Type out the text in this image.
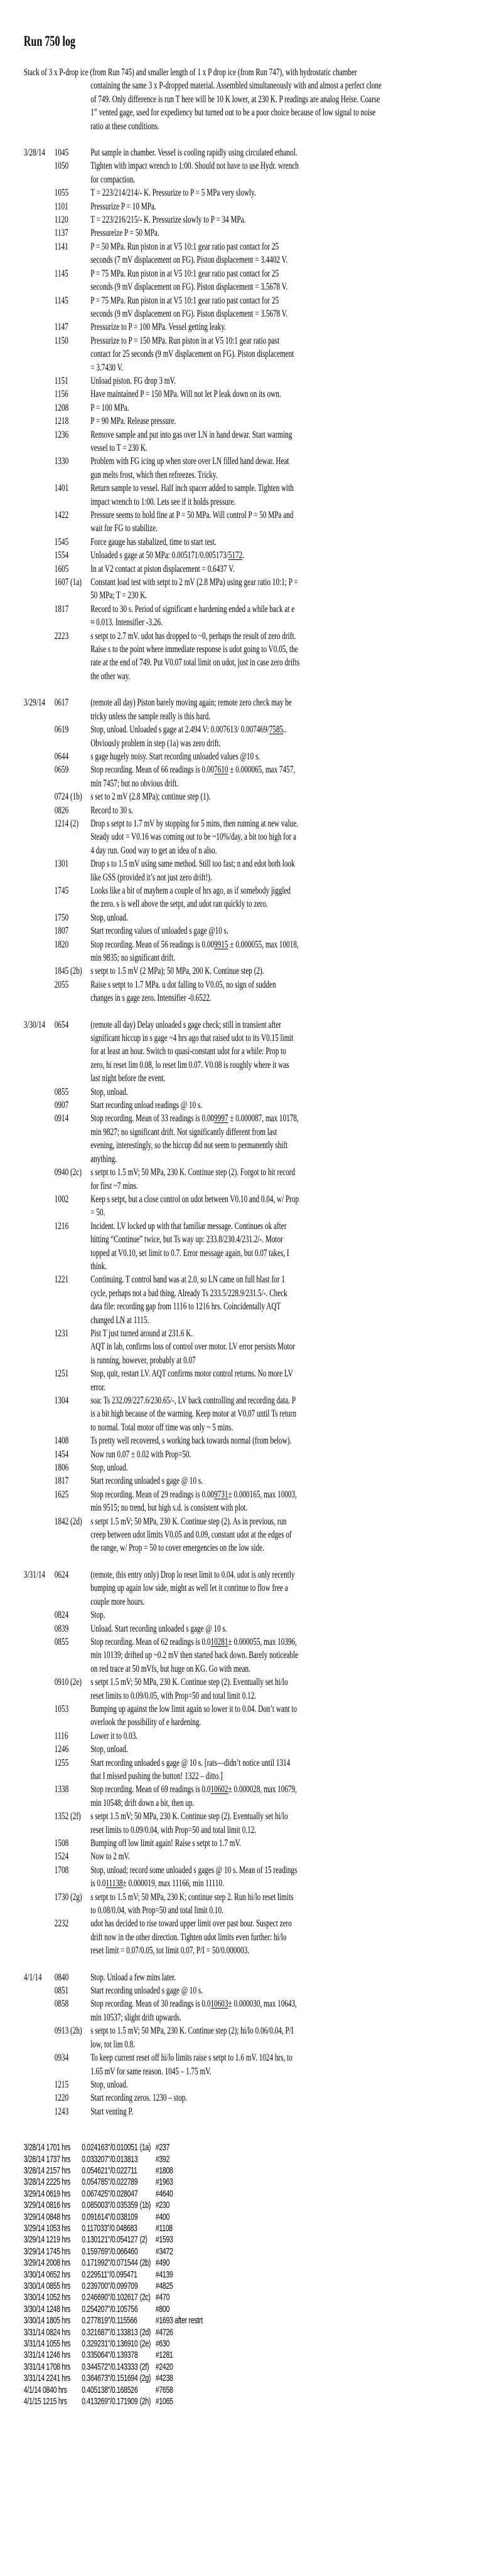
Run 750 log

Stack of 3 x P-drop ice (from Run 745) and smaller length of 1 x P drop ice (from Run 747), with hydrostatic chamber containing the same 3 x P-dropped material. Assembled simultaneously with and almost a perfect clone of 749. Only difference is run T here will be 10 K lower, at 230 K. P readings are analog Heise. Coarse 1” vented gage, used for expediency but turned out to be a poor choice because of low signal to noise ratio at these conditions.

3/28/14 1045	Put sample in chamber. Vessel is cooling rapidly using circulated ethanol.
1050	Tighten with impact wrench to 1:00. Should not have to use Hydr. wrench for compaction.
1055	T = 223/214/214/- K. Pressurize to P = 5 MPa very slowly.
1101	Pressurize P = 10 MPa.
1120	T = 223/216/215/- K. Pressurize slowly to P = 34 MPa.
1137	Pressureize P = 50 MPa.
1141	P = 50 MPa. Run piston in at V5 10:1 gear ratio past contact for 25 seconds (7 mV displacement on FG). Piston displacement = 3.4402 V.
1145	P = 75 MPa. Run piston in at V5 10:1 gear ratio past contact for 25 seconds (9 mV displacement on FG). Piston displacement = 3.5678 V.
1145	P = 75 MPa. Run piston in at V5 10:1 gear ratio past contact for 25 seconds (9 mV displacement on FG). Piston displacement = 3.5678 V.
1147	Pressurize to P = 100 MPa. Vessel getting leaky.
1150	Pressurize to P = 150 MPa. Run piston in at V5 10:1 gear ratio past contact for 25 seconds (9 mV displacement on FG). Piston displacement = 3.7430 V.
1151	Unload piston. FG drop 3 mV.
1156	Have maintained P = 150 MPa. Will not let P leak down on its own.
1208	P = 100 MPa.
1218	P = 90 MPa. Release pressure.
1236	Remove sample and put into gas over LN in hand dewar. Start warming vessel to T = 230 K.
1330	Problem with FG icing up when store over LN filled hand dewar. Heat gun melts frost, which then refreezes. Tricky.
1401	Return sample to vessel. Half inch spacer added to sample. Tighten with impact wrench to 1:00. Lets see if it holds pressure.
1422	Pressure seems to hold fine at P = 50 MPa. Will control P = 50 MPa and wait for FG to stabilize.
1545	Force gauge has stabalized, time to start test.
1554	Unloaded s gage at 50 MPa: 0.005171/0.005173/5172.
1605	In at V2 contact at piston displacement = 0.6437 V.
1607 (1a) Constant load test with setpt to 2 mV (2.8 MPa) using gear ratio 10:1; P = 50 MPa; T = 230 K.
1817	Record to 30 s. Period of significant e hardening ended a while back at e ≈ 0.013. Intensifier -3.26.
2223	s setpt to 2.7 mV. udot has dropped to ~0, perhaps the result of zero drift. Raise s to the point where immediate response is udot going to V0.05, the rate at the end of 749. Put V0.07 total limit on udot, just in case zero drifts the other way.
3/29/14 0617	(remote all day) Piston barely moving again; remote zero check may be tricky unless the sample really is this hard.
0619	Stop, unload. Unloaded s gage at 2.494 V: 0.007613/ 0.007469/7585.. Obviously problem in step (1a) was zero drift.
0644	s gage hugely noisy. Start recording unloaded values @10 s.
0659	Stop recording. Mean of 66 readings is 0.007610 ± 0.000065, max 7457, min 7457; but no obvious drift.
0724 (1b) s set to 2 mV (2.8 MPa); continue step (1).
0826	Record to 30 s.
1214 (2)	Drop s setpt to 1.7 mV by stopping for 5 mins, then running at new value. Steady udot = V0.16 was coming out to be ~10%/day, a bit too high for a 4 day run. Good way to get an idea of n also.
1301	Drop s to 1.5 mV using same method. Still too fast; n and edot both look like GSS (provided it’s not just zero drift!).
1745	Looks like a bit of mayhem a couple of hrs ago, as if somebody jiggled the zero. s is well above the setpt, and udot ran quickly to zero.
1750	Stop, unload.
1807	Start recording values of unloaded s gage @10 s.
1820	Stop recording. Mean of 56 readings is 0.009915 ± 0.000055, max 10018, min 9835; no significant drift.
1845 (2b) s setpt to 1.5 mV (2 MPa); 50 MPa, 200 K. Continue step (2).
2055	Raise s setpt to 1.7 MPa. u dot falling to V0.05, no sign of sudden changes in s gage zero. Intensifier -0.6522.
3/30/14 0654	(remote all day) Delay unloaded s gage check; still in transient after significant hiccup in s gage ~4 hrs ago that raised udot to its V0.15 limit for at least an hour. Switch to quasi-constant udot for a while: Prop to zero, hi reset lim 0.08, lo reset lim 0.07. V0.08 is roughly where it was last night before the event.
0855	Stop, unload.
0907	Start recording unload readings @ 10 s.
0914	Stop recording. Mean of 33 readings is 0.009997 ± 0.000087, max 10178, min 9827; no significant drift. Not significantly different from last evening, interestingly, so the hiccup did not seem to permanently shift anything.
0940 (2c) s setpt to 1.5 mV; 50 MPa, 230 K. Continue step (2). Forgot to hit record for first ~7 mins.
1002	Keep s setpt, but a close control on udot between V0.10 and 0.04, w/ Prop = 50.
1216	Incident. LV locked up with that familiar message. Continues ok after hitting “Continue” twice, but Ts way up: 233.8/230.4/231.2/-. Motor topped at V0.10, set limit to 0.7. Error message again, but 0.07 takes, I think.
1221	Continuing. T control band was at 2.0, so LN came on full blast for 1 cycle, perhaps not a bad thing. Already Ts 233.5/228.9/231.5/-. Check data file: recording gap from 1116 to 1216 hrs. Coincidentally AQT changed LN at 1115.
1231	Pist T just turned around at 231.6 K.
AQT in lab, confirms loss of control over motor. LV error persists Motor is running, however, probably at 0.07
1251	Stop, quit, restart LV. AQT confirms motor control returns. No more LV error.
1304	soa: Ts 232.09/227.6/230.65/-, LV back controlling and recording data. P is a bit high because of the warming. Keep motor at V0.07 until Ts return to normal. Total motor off time was only ~ 5 mins.
1408	Ts pretty well recovered, s working back towards normal (from below).
1454	Now run 0.07 ± 0.02 with Prop=50.
1806	Stop, unload.
1817	Start recording unloaded s gage @ 10 s.
1625	Stop recording. Mean of 29 readings is 0.009731± 0.000165, max 10003, min 9515; no trend, but high s.d. is consistent with plot.
1842 (2d) s setpt 1.5 mV; 50 MPa, 230 K. Continue step (2). As in previous, run creep between udot limits V0.05 and 0.09, constant udot at the edges of the range, w/ Prop = 50 to cover emergencies on the low side.
3/31/14 0624	(remote, this entry only) Drop lo reset limit to 0.04. udot is only recently bumping up again low side, might as well let it continue to flow free a couple more hours.
0824	Stop.
0839	Unload. Start recording unloaded s gage @ 10 s.
0855	Stop recording. Mean of 62 readings is 0.010281± 0.000055, max 10396, min 10139; drifted up ~0.2 mV then started back down. Barely noticeable on red trace at 50 mVfs, but huge on KG. Go with mean.
0910 (2e) s setpt 1.5 mV; 50 MPa, 230 K. Continue step (2). Eventually set hi/lo reset limits to 0.09/0.05, with Prop=50 and total limit 0.12.
1053	Bumping up against the low limit again so lower it to 0.04. Don’t want to overlook the possibility of e hardening.
1116	Lower it to 0.03.
1246	Stop, unload.
1255	Start recording unloaded s gage @ 10 s. [rats—didn’t notice until 1314 that I missed pushing the button! 1322 – ditto.]
1338	Stop recording. Mean of 69 readings is 0.010602± 0.000028, max 10679, min 10548; drift down a bit, then up.
1352 (2f) s setpt 1.5 mV; 50 MPa, 230 K. Continue step (2). Eventually set hi/lo reset limits to 0.09/0.04, with Prop=50 and total limit 0.12.
1508	Bumping off low limit again! Raise s setpt to 1.7 mV.
1524	Now to 2 mV.
1708	Stop, unload; record some unloaded s gages @ 10 s. Mean of 15 readings is 0.011138± 0.000019, max 11166, min 11110.
1730 (2g) s setpt to 1.5 mV; 50 MPa, 230 K; continue step 2. Run hi/lo reset limits to 0.08/0.04, with Prop=50 and total limit 0.10.
2232	udot has decided to rise toward upper limit over past hour. Suspect zero drift now in the other direction. Tighten udot limits even further: hi/lo reset limit = 0.07/0.05, tot limit 0.07, P/I = 50/0.000003.
4/1/14	0840	Stop. Unload a few mins later.
0851	Start recording unloaded s gage @ 10 s.
0858	Stop recording. Mean of 30 readings is 0.010603± 0.000030, max 10643, min 10537; slight drift upwards.
0913 (2h) s setpt to 1.5 mV; 50 MPa, 230 K. Continue step (2); hi/lo 0.06/0.04, P/I low, tot lim 0.8.
0934	To keep current reset off hi/lo limits raise s setpt to 1.6 mV. 1024 hrs, to 1.65 mV for same reason. 1045 – 1.75 mV.
1215	Stop, unload.
1220	Start recording zeros. 1230 – stop.
1243	Start venting P.
3/28/14 1701 hrs	0.024163"/0.010051 (1a) #237
3/28/14 1737 hrs	0.033207"/0.013813 #392
3/28/14 2157 hrs	0.054621"/0.022711 #1808
3/28/14 2225 hrs	0.054785"/0.022789 #1963
3/29/14 0619 hrs	0.067425"/0.028047 #4640
3/29/14 0816 hrs	0.085003"/0.035359 (1b) #230
3/29/14 0848 hrs	0.091614"/0.038109 #400
3/29/14 1053 hrs	0.117033"/0.048683 #1108
3/29/14 1219 hrs	0.130121"/0.054127 (2) #1593
3/29/14 1745 hrs	0.159769"/0.066460 #3472
3/29/14 2008 hrs	0.171992"/0.071544 (2b) #490
3/30/14 0652 hrs	0.229511"/0.095471 #4139
3/30/14 0855 hrs	0.239700"/0.099709 #4825
3/30/14 1052 hrs	0.246690"/0.102617 (2c) #470
3/30/14 1248 hrs	0.254207"/0.105756 #800
3/30/14 1805 hrs	0.277819"/0.115566 #1693 after restrt
3/31/14 0824 hrs	0.321687"/0.133813 (2d) #4726
3/31/14 1055 hrs	0.329231"/0.136910 (2e) #630
3/31/14 1246 hrs	0.335064"/0.139378 #1281
3/31/14 1708 hrs	0.344572"/0.143333 (2f) #2420
3/31/14 2241 hrs	0.364673"/0.151694 (2g) #4238
4/1/14 0840 hrs	0.405138"/0.168526 #7658
4/1/15 1215 hrs	0.413269"/0.171909 (2h) #1065
